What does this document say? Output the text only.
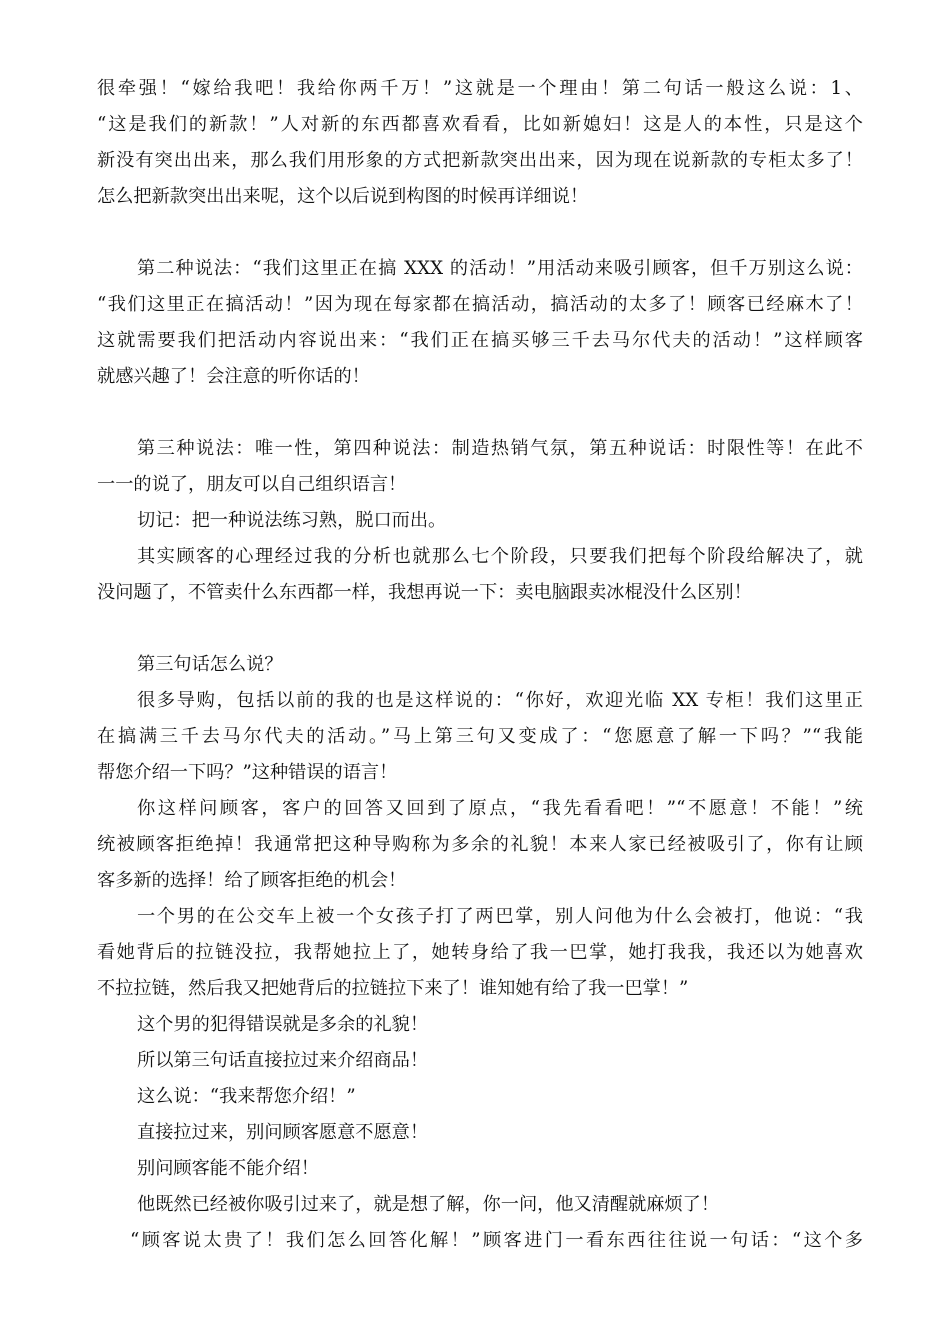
很牵强！“嫁给我吧！我给你两千万！”这就是一个理由！第二句话一般这么说：1、
“这是我们的新款！”人对新的东西都喜欢看看，比如新媳妇！这是人的本性，只是这个
新没有突出出来，那么我们用形象的方式把新款突出出来，因为现在说新款的专柜太多了！
怎么把新款突出出来呢，这个以后说到构图的时候再详细说！
第二种说法：“我们这里正在搞 XXX 的活动！”用活动来吸引顾客，但千万别这么说：
“我们这里正在搞活动！”因为现在每家都在搞活动，搞活动的太多了！顾客已经麻木了！
这就需要我们把活动内容说出来：“我们正在搞买够三千去马尔代夫的活动！”这样顾客
就感兴趣了！会注意的听你话的！
第三种说法：唯一性，第四种说法：制造热销气氛，第五种说话：时限性等！在此不
一一的说了，朋友可以自己组织语言！
切记：把一种说法练习熟，脱口而出。
其实顾客的心理经过我的分析也就那么七个阶段，只要我们把每个阶段给解决了，就
没问题了，不管卖什么东西都一样，我想再说一下：卖电脑跟卖冰棍没什么区别！
第三句话怎么说？
很多导购，包括以前的我的也是这样说的：“你好，欢迎光临 XX 专柜！我们这里正
在搞满三千去马尔代夫的活动。”马上第三句又变成了：“您愿意了解一下吗？”“我能
帮您介绍一下吗？”这种错误的语言！
你这样问顾客，客户的回答又回到了原点，“我先看看吧！”“不愿意！不能！”统
统被顾客拒绝掉！我通常把这种导购称为多余的礼貌！本来人家已经被吸引了，你有让顾
客多新的选择！给了顾客拒绝的机会！
一个男的在公交车上被一个女孩子打了两巴掌，别人问他为什么会被打，他说：“我
看她背后的拉链没拉，我帮她拉上了，她转身给了我一巴掌，她打我我，我还以为她喜欢
不拉拉链，然后我又把她背后的拉链拉下来了！谁知她有给了我一巴掌！”
这个男的犯得错误就是多余的礼貌！
所以第三句话直接拉过来介绍商品！
这么说：“我来帮您介绍！”
直接拉过来，别问顾客愿意不愿意！
别问顾客能不能介绍！
他既然已经被你吸引过来了，就是想了解，你一问，他又清醒就麻烦了！
“顾客说太贵了！我们怎么回答化解！”顾客进门一看东西往往说一句话：“这个多
